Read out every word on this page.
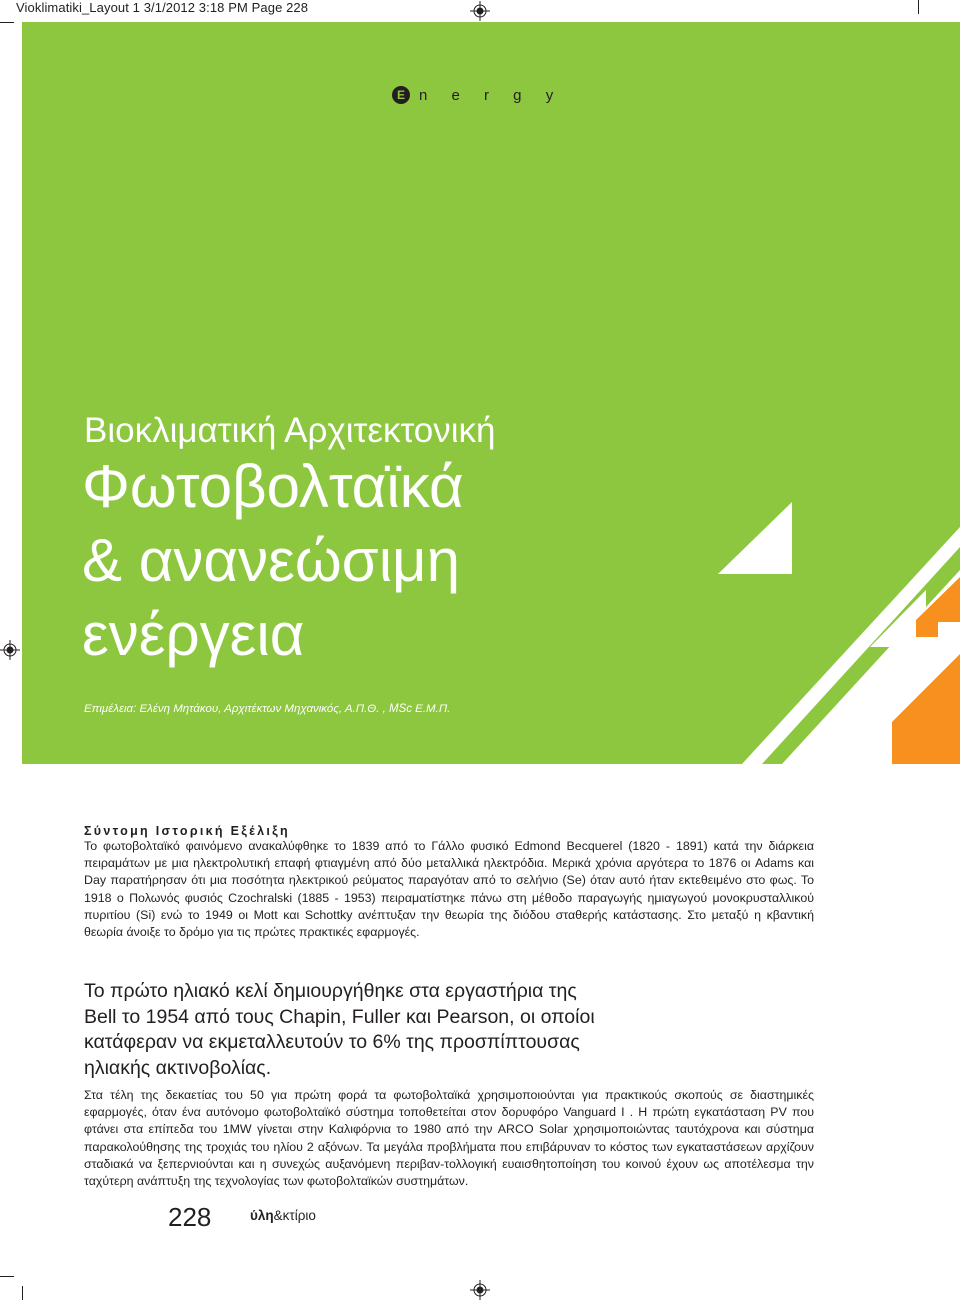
Vioklimatiki_Layout 1 3/1/2012 3:18 PM Page 228
E n e r g y
Βιοκλιματική Αρχιτεκτονική
Φωτοβολταϊκά
& ανανεώσιμη
ενέργεια
Επιμέλεια: Ελένη Μητάκου, Αρχιτέκτων Μηχανικός, Α.Π.Θ. , MSc Ε.Μ.Π.
Σύντομη Ιστορική Εξέλιξη

Το φωτοβολταϊκό φαινόμενο ανακαλύφθηκε το 1839 από το Γάλλο φυσικό Edmond Becquerel (1820 - 1891) κατά την διάρκεια πειραμάτων με μια ηλεκτρολυτική επαφή φτιαγμένη από δύο μεταλλικά ηλεκτρόδια. Μερικά χρόνια αργότερα το 1876 οι Adams και Day παρατήρησαν ότι μια ποσότητα ηλεκτρικού ρεύματος παραγόταν από το σελήνιο (Se) όταν αυτό ήταν εκτεθειμένο στο φως. Το 1918 ο Πολωνός φυσιός Czochralski (1885 - 1953) πειραματίστηκε πάνω στη μέθοδο παραγωγής ημιαγωγού μονοκρυσταλλικού πυριτίου (Si) ενώ το 1949 οι Mott και Schottky ανέπτυξαν την θεωρία της διόδου σταθερής κατάστασης. Στο μεταξύ η κβαντική θεωρία άνοιξε το δρόμο για τις πρώτες πρακτικές εφαρμογές.

Το πρώτο ηλιακό κελί δημιουργήθηκε στα εργαστήρια της Bell το 1954 από τους Chapin, Fuller και Pearson, οι οποίοι κατάφεραν να εκμεταλλευτούν το 6% της προσπίπτουσας ηλιακής ακτινοβολίας.

Στα τέλη της δεκαετίας του 50 για πρώτη φορά τα φωτοβολταϊκά χρησιμοποιούνται για πρακτικούς σκοπούς σε διαστημικές εφαρμογές, όταν ένα αυτόνομο φωτοβολταϊκό σύστημα τοποθετείται στον δορυφόρο Vanguard I . Η πρώτη εγκατάσταση PV που φτάνει στα επίπεδα του 1MW γίνεται στην Καλιφόρνια το 1980 από την ARCO Solar χρησιμοποιώντας ταυτόχρονα και σύστημα παρακολούθησης της τροχιάς του ηλίου 2 αξόνων. Τα μεγάλα προβλήματα που επιβάρυναν το κόστος των εγκαταστάσεων αρχίζουν σταδιακά να ξεπερνιούνται και η συνεχώς αυξανόμενη περιβαν-τολλογική ευαισθητοποίηση του κοινού έχουν ως αποτέλεσμα την ταχύτερη ανάπτυξη της τεχνολογίας των φωτοβολταϊκών συστημάτων.

228	ύλη&κτίριο
